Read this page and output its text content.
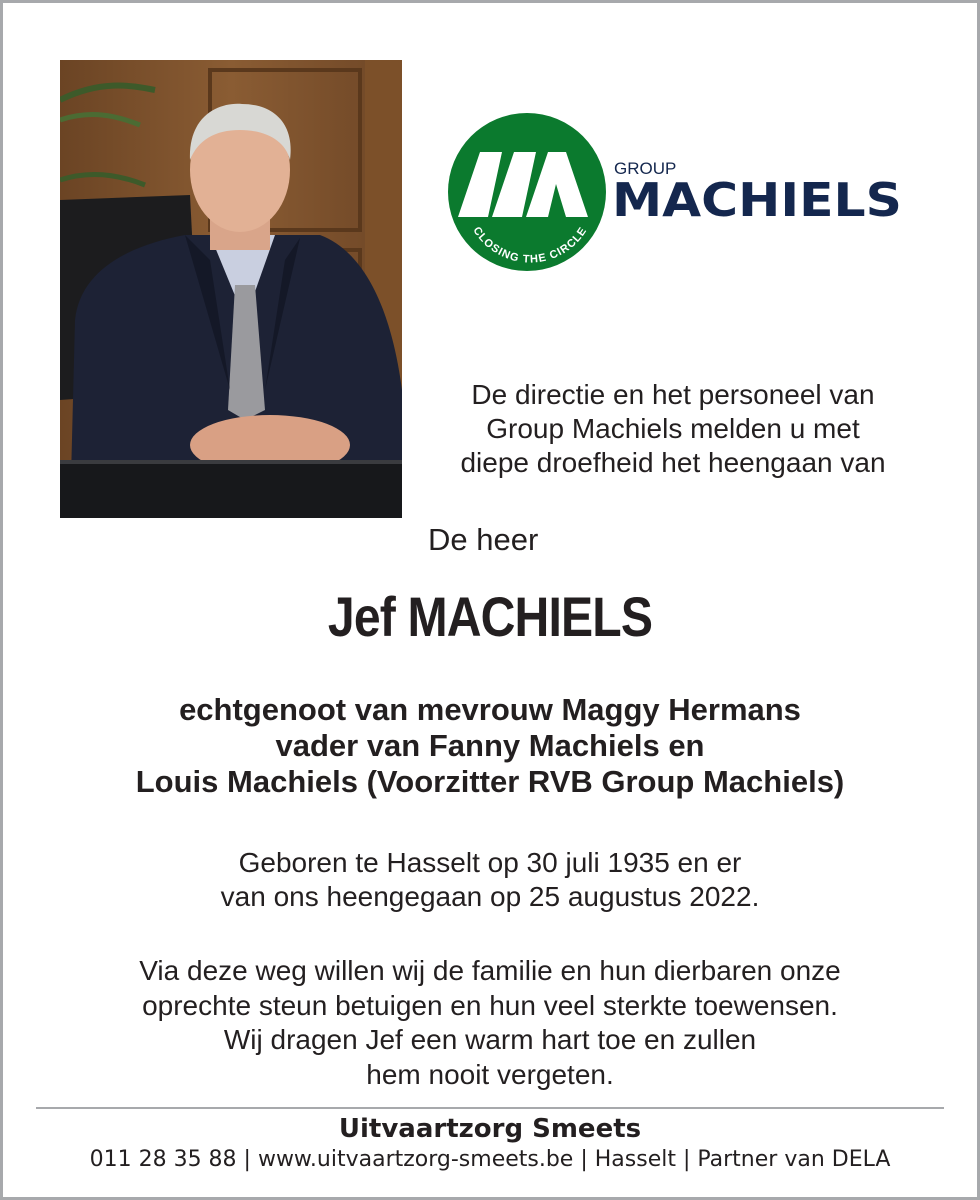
CLOSING THE CIRCLE
GROUP
MACHIELS
De directie en het personeel van
Group Machiels melden u met
diepe droefheid het heengaan van
De heer
Jef MACHIELS
echtgenoot van mevrouw Maggy Hermans
vader van Fanny Machiels en
Louis Machiels (Voorzitter RVB Group Machiels)
Geboren te Hasselt op 30 juli 1935 en er
van ons heengegaan op 25 augustus 2022.
Via deze weg willen wij de familie en hun dierbaren onze
oprechte steun betuigen en hun veel sterkte toewensen.
Wij dragen Jef een warm hart toe en zullen
hem nooit vergeten.
Uitvaartzorg Smeets
011 28 35 88 | www.uitvaartzorg-smeets.be | Hasselt | Partner van DELA
